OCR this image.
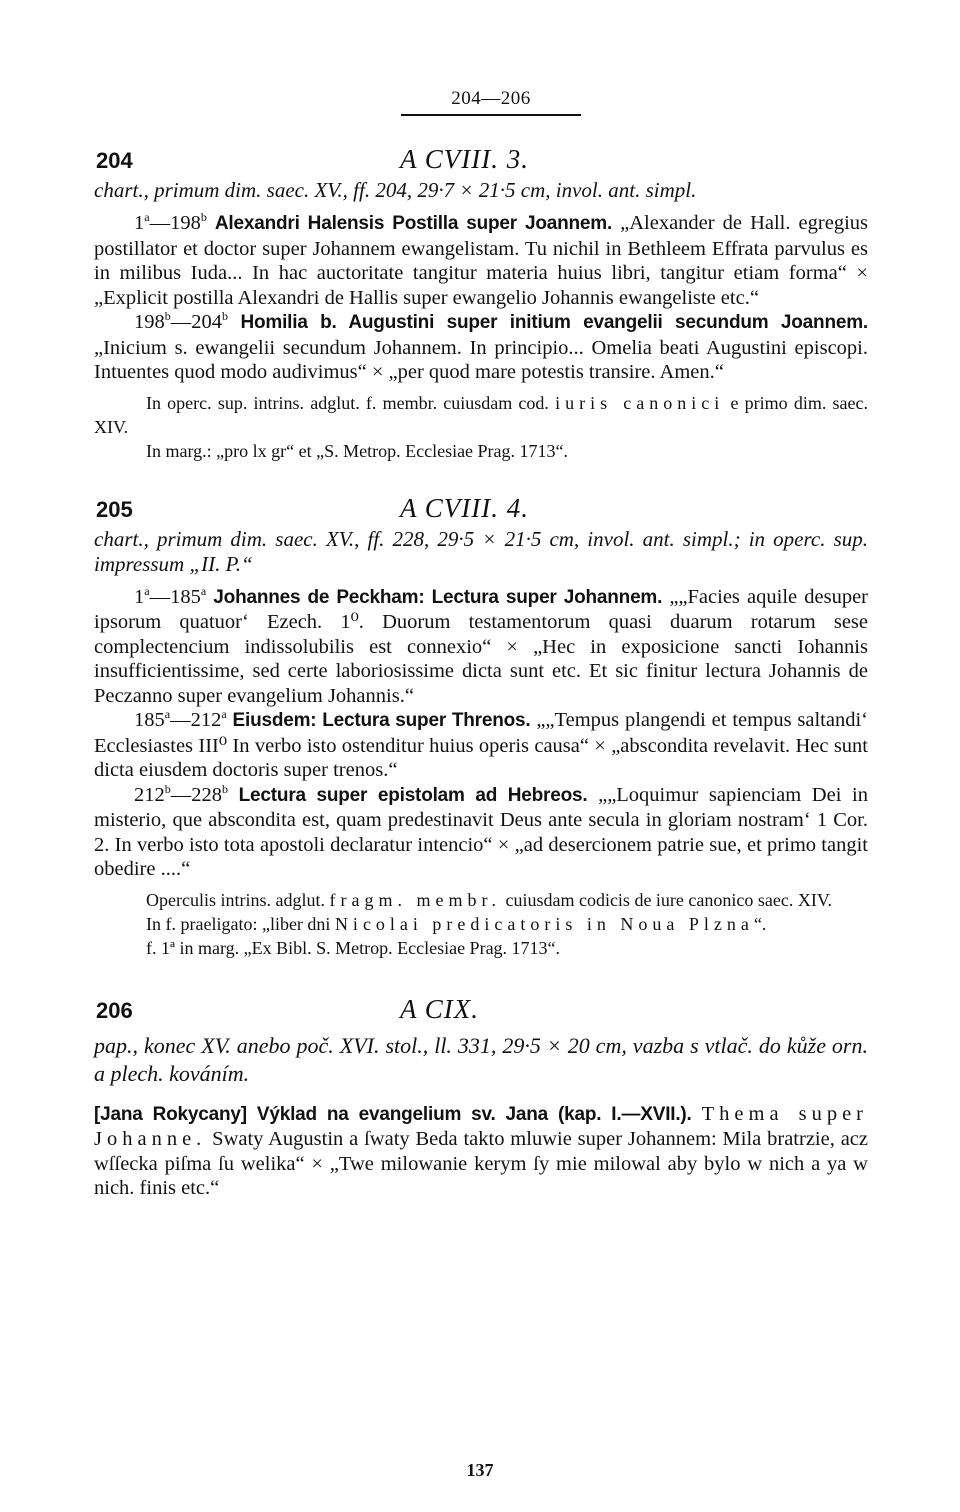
204—206
204	A CVIII. 3.

chart., primum dim. saec. XV., ff. 204, 29·7 × 21·5 cm, invol. ant. simpl.

1$^a$—198$^b$ Alexandri Halensis Postilla super Joannem. „Alexander de Hall. egregius postillator et doctor super Johannem ewangelistam. Tu nichil in Bethleem Effrata parvulus es in milibus Iuda... In hac auctoritate tangitur materia huius libri, tangitur etiam forma“ × „Explicit postilla Alexandri de Hallis super ewangelio Johannis ewangeliste etc.“

198$^b$—204$^b$ Homilia b. Augustini super initium evangelii secundum Joannem. „Inicium s. ewangelii secundum Johannem. In principio... Omelia beati Augustini episcopi. Intuentes quod modo audivimus“ × „per quod mare potestis transire. Amen.“

In operc. sup. intrins. adglut. f. membr. cuiusdam cod. iuris canonici e primo dim. saec. XIV.

In marg.: „pro lx gr“ et „S. Metrop. Ecclesiae Prag. 1713“.

205	A CVIII. 4.

chart., primum dim. saec. XV., ff. 228, 29·5 × 21·5 cm, invol. ant. simpl.; in operc. sup. impressum „II. P.“

1$^a$—185$^a$ Johannes de Peckham: Lectura super Johannem. „„Facies aquile desuper ipsorum quatuor‘ Ezech. 1⁰. Duorum testamentorum quasi duarum rotarum sese complectencium indissolubilis est connexio“ × „Hec in exposicione sancti Iohannis insufficientissime, sed certe laboriosissime dicta sunt etc. Et sic finitur lectura Johannis de Peczanno super evangelium Johannis.“

185$^a$—212$^a$ Eiusdem: Lectura super Threnos. „„Tempus plangendi et tempus saltandi‘ Ecclesiastes III⁰ In verbo isto ostenditur huius operis causa“ × „abscondita revelavit. Hec sunt dicta eiusdem doctoris super trenos.“

212$^b$—228$^b$ Lectura super epistolam ad Hebreos. „„Loquimur sapienciam Dei in misterio, que abscondita est, quam predestinavit Deus ante secula in gloriam nostram‘ 1 Cor. 2. In verbo isto tota apostoli declaratur intencio“ × „ad desercionem patrie sue, et primo tangit obedire ....“

Operculis intrins. adglut. fragm. membr. cuiusdam codicis de iure canonico saec. XIV.

In f. praeligato: „liber dni Nicolai predicatoris in Noua Plzna“.

f. 1ª in marg. „Ex Bibl. S. Metrop. Ecclesiae Prag. 1713“.

206	A CIX.

pap., konec XV. anebo poč. XVI. stol., ll. 331, 29·5 × 20 cm, vazba s vtlač. do kůže orn. a plech. kováním.

[Jana Rokycany] Výklad na evangelium sv. Jana (kap. I.—XVII.). Thema super Johanne. Swaty Augustin a ſwaty Beda takto mluwie super Johannem: Mila bratrzie, acz wſſecka piſma ſu welika“ × „Twe milowanie kerym ſy mie milowal aby bylo w nich a ya w nich. finis etc.“

137
